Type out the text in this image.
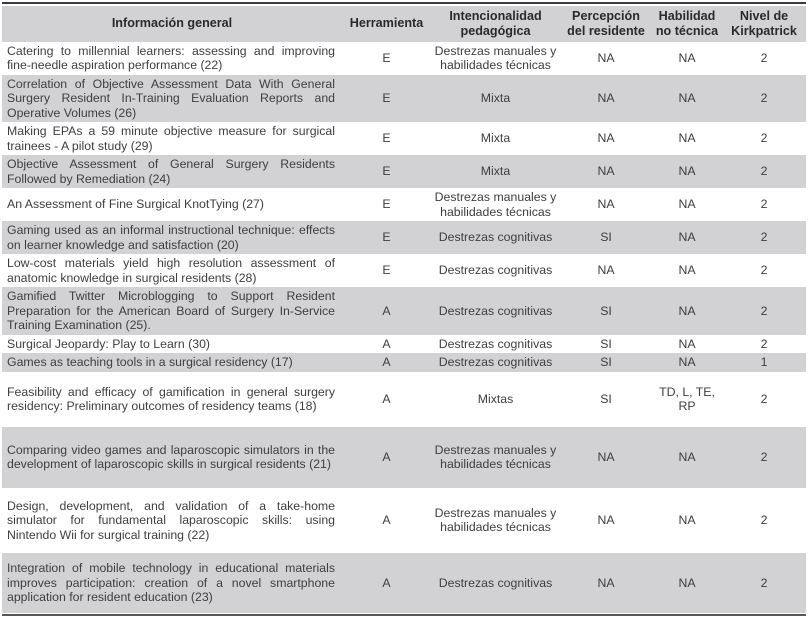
Información general	Herramienta	Intencionalidad pedagógica	Percepción del residente	Habilidad no técnica	Nivel de Kirkpatrick
Catering to millennial learners: assessing and improving fine-needle aspiration performance (22)	E	Destrezas manuales y habilidades técnicas	NA	NA	2
Correlation of Objective Assessment Data With General Surgery Resident In-Training Evaluation Reports and Operative Volumes (26)	E	Mixta	NA	NA	2
Making EPAs a 59 minute objective measure for surgical trainees - A pilot study (29)	E	Mixta	NA	NA	2
Objective Assessment of General Surgery Residents Followed by Remediation (24)	E	Mixta	NA	NA	2
An Assessment of Fine Surgical KnotTying (27)	E	Destrezas manuales y habilidades técnicas	NA	NA	2
Gaming used as an informal instructional technique: effects on learner knowledge and satisfaction (20)	E	Destrezas cognitivas	SI	NA	2
Low-cost materials yield high resolution assessment of anatomic knowledge in surgical residents (28)	E	Destrezas cognitivas	NA	NA	2
Gamified Twitter Microblogging to Support Resident Preparation for the American Board of Surgery In-Service Training Examination (25).	A	Destrezas cognitivas	SI	NA	2
Surgical Jeopardy: Play to Learn (30)	A	Destrezas cognitivas	SI	NA	2
Games as teaching tools in a surgical residency (17)	A	Destrezas cognitivas	SI	NA	1
Feasibility and efficacy of gamification in general surgery residency: Preliminary outcomes of residency teams (18)	A	Mixtas	SI	TD, L, TE, RP	2
Comparing video games and laparoscopic simulators in the development of laparoscopic skills in surgical residents (21)	A	Destrezas manuales y habilidades técnicas	NA	NA	2
Design, development, and validation of a take-home simulator for fundamental laparoscopic skills: using Nintendo Wii for surgical training (22)	A	Destrezas manuales y habilidades técnicas	NA	NA	2
Integration of mobile technology in educational materials improves participation: creation of a novel smartphone application for resident education (23)	A	Destrezas cognitivas	NA	NA	2
